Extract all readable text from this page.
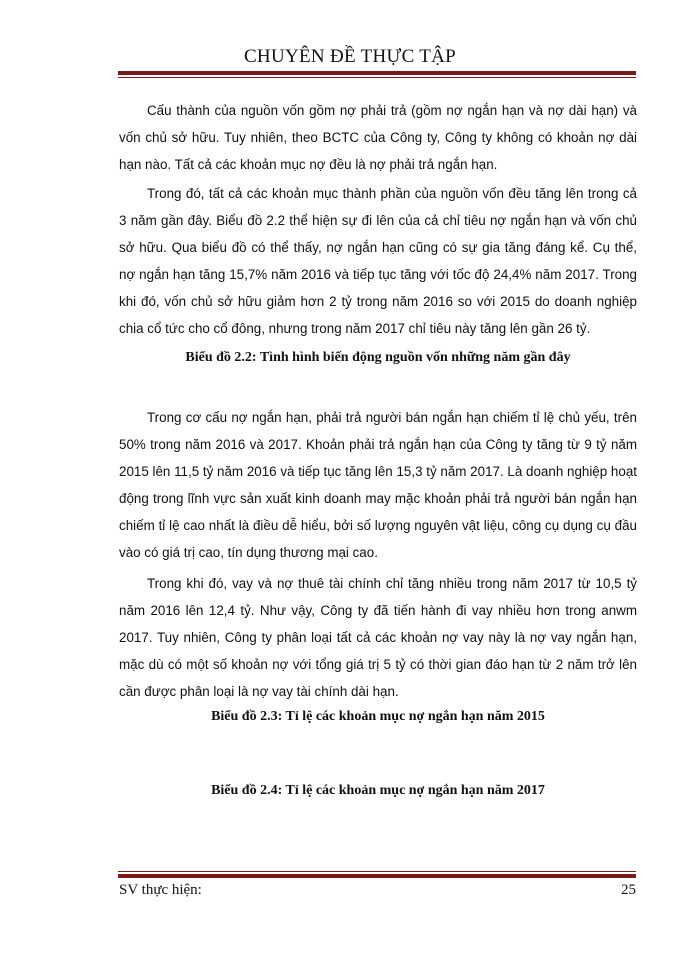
CHUYÊN ĐỀ THỰC TẬP

Cấu thành của nguồn vốn gồm nợ phải trả (gồm nợ ngắn hạn và nợ dài hạn) và vốn chủ sở hữu. Tuy nhiên, theo BCTC của Công ty, Công ty không có khoản nợ dài hạn nào. Tất cả các khoản mục nợ đều là nợ phải trả ngắn hạn.

Trong đó, tất cả các khoản mục thành phần của nguồn vốn đều tăng lên trong cả 3 năm gần đây. Biểu đồ 2.2 thể hiện sự đi lên của cả chỉ tiêu nợ ngắn hạn và vốn chủ sở hữu. Qua biểu đồ có thể thấy, nợ ngắn hạn cũng có sự gia tăng đáng kể. Cụ thể, nợ ngắn hạn tăng 15,7% năm 2016 và tiếp tục tăng với tốc độ 24,4% năm 2017. Trong khi đó, vốn chủ sở hữu giảm hơn 2 tỷ trong năm 2016 so với 2015 do doanh nghiệp chia cổ tức cho cổ đông, nhưng trong năm 2017 chỉ tiêu này tăng lên gần 26 tỷ.

Biểu đồ 2.2: Tình hình biến động nguồn vốn những năm gần đây

Trong cơ cấu nợ ngắn hạn, phải trả người bán ngắn hạn chiếm tỉ lệ chủ yếu, trên 50% trong năm 2016 và 2017. Khoản phải trả ngắn hạn của Công ty tăng từ 9 tỷ năm 2015 lên 11,5 tỷ năm 2016 và tiếp tục tăng lên 15,3 tỷ năm 2017. Là doanh nghiệp hoạt động trong lĩnh vực sản xuất kinh doanh may mặc khoản phải trả người bán ngắn hạn chiếm tỉ lệ cao nhất là điều dễ hiểu, bởi số lượng nguyên vật liệu, công cụ dụng cụ đầu vào có giá trị cao, tín dụng thương mại cao.

Trong khi đó, vay và nợ thuê tài chính chỉ tăng nhiều trong năm 2017 từ 10,5 tỷ năm 2016 lên 12,4 tỷ. Như vậy, Công ty đã tiến hành đi vay nhiều hơn trong anwm 2017. Tuy nhiên, Công ty phân loại tất cả các khoản nợ vay này là nợ vay ngắn hạn, mặc dù có một số khoản nợ với tổng giá trị 5 tỷ có thời gian đáo hạn từ 2 năm trở lên cần được phân loại là nợ vay tài chính dài hạn.

Biểu đồ 2.3: Tỉ lệ các khoản mục nợ ngắn hạn năm 2015
Biểu đồ 2.4: Tỉ lệ các khoản mục nợ ngắn hạn năm 2017
SV thực hiện:	25
